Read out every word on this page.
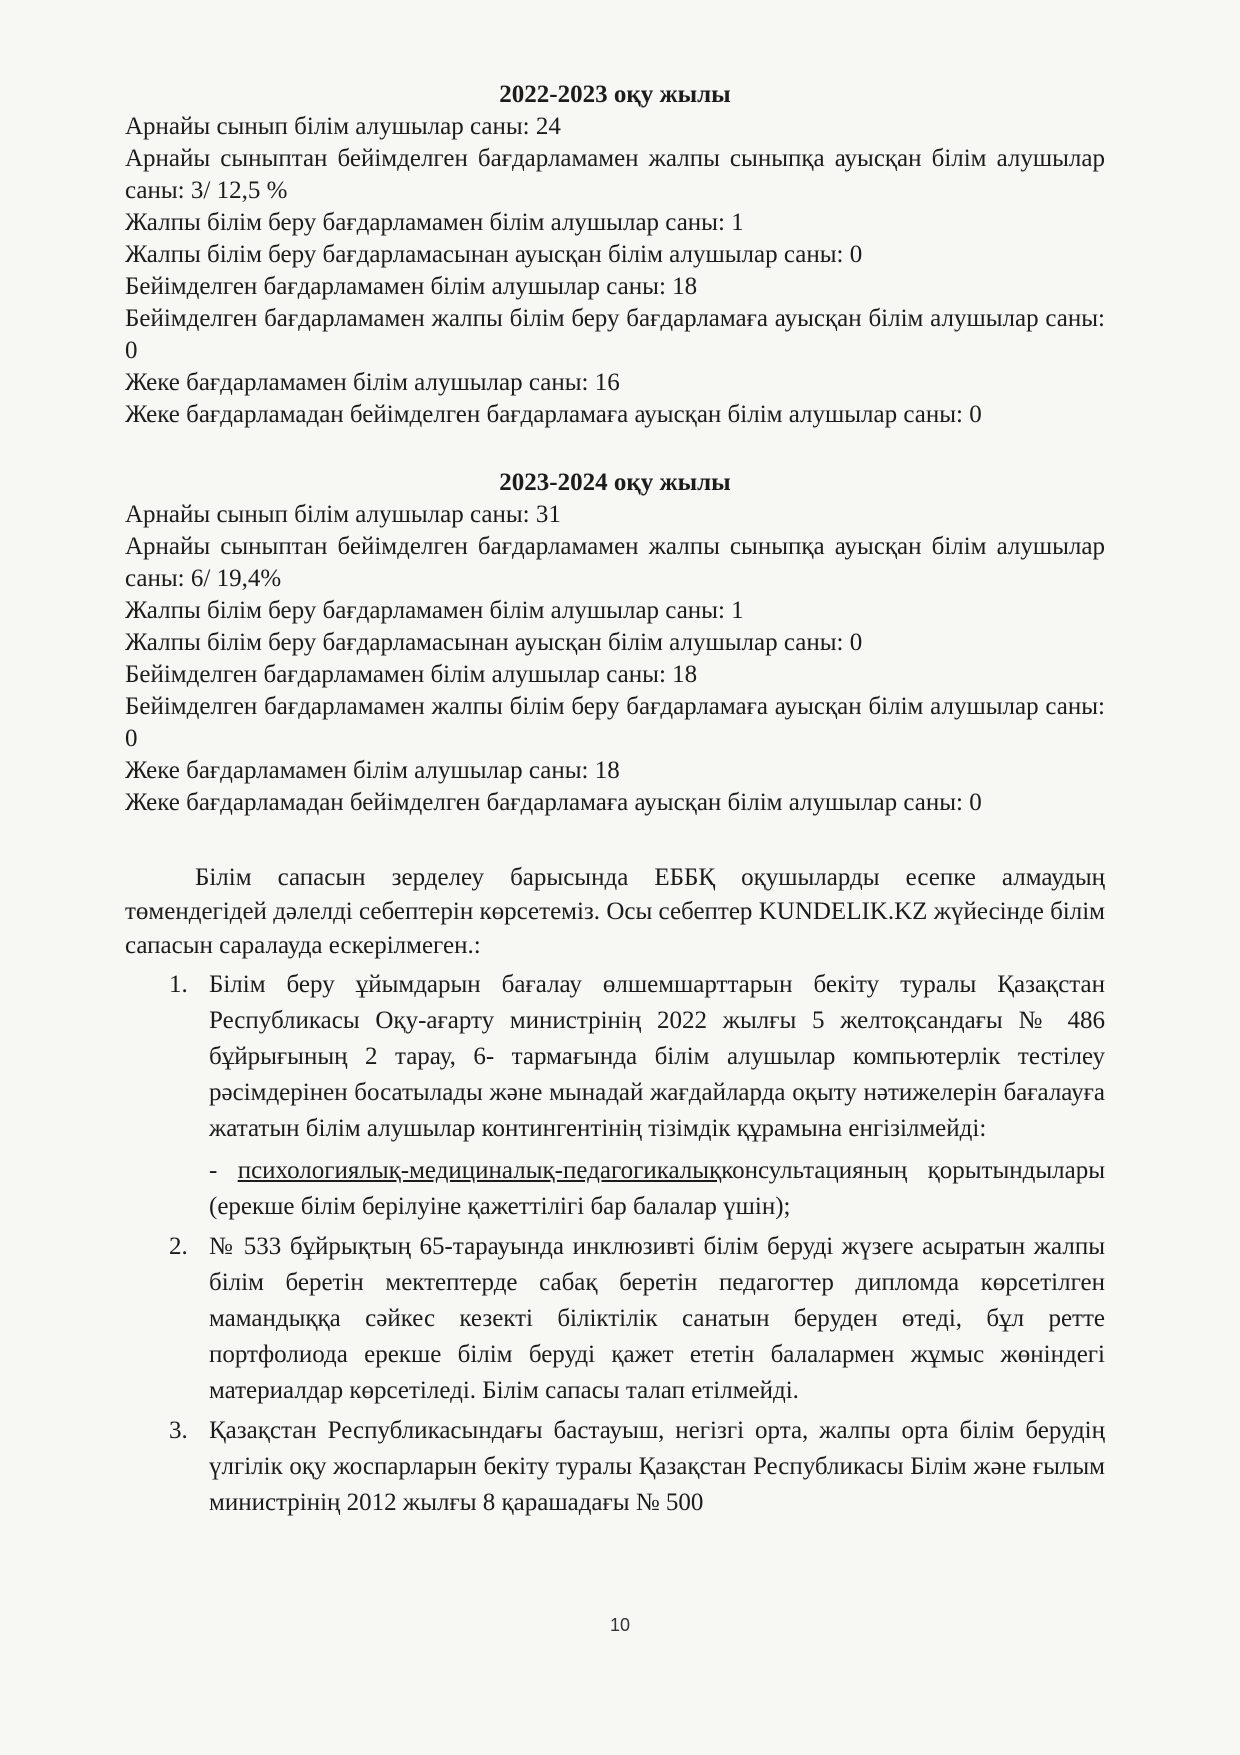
2022-2023 оқу жылы

Арнайы сынып білім алушылар саны: 24

Арнайы сыныптан бейімделген бағдарламамен жалпы сыныпқа ауысқан білім алушылар саны: 3/ 12,5 %

Жалпы білім беру бағдарламамен білім алушылар саны: 1

Жалпы білім беру бағдарламасынан ауысқан білім алушылар саны: 0

Бейімделген бағдарламамен білім алушылар саны: 18

Бейімделген бағдарламамен жалпы білім беру бағдарламаға ауысқан білім алушылар саны: 0

Жеке бағдарламамен білім алушылар саны: 16

Жеке бағдарламадан бейімделген бағдарламаға ауысқан білім алушылар саны: 0

2023-2024 оқу жылы

Арнайы сынып білім алушылар саны: 31

Арнайы сыныптан бейімделген бағдарламамен жалпы сыныпқа ауысқан білім алушылар саны: 6/ 19,4%

Жалпы білім беру бағдарламамен білім алушылар саны: 1

Жалпы білім беру бағдарламасынан ауысқан білім алушылар саны: 0

Бейімделген бағдарламамен білім алушылар саны: 18

Бейімделген бағдарламамен жалпы білім беру бағдарламаға ауысқан білім алушылар саны: 0

Жеке бағдарламамен білім алушылар саны: 18

Жеке бағдарламадан бейімделген бағдарламаға ауысқан білім алушылар саны: 0

Білім сапасын зерделеу барысында ЕББҚ оқушыларды есепке алмаудың төмендегідей дәлелді себептерін көрсетеміз. Осы себептер KUNDELIK.KZ жүйесінде білім сапасын саралауда ескерілмеген.:

1. Білім беру ұйымдарын бағалау өлшемшарттарын бекіту туралы Қазақстан Республикасы Оқу-ағарту министрінің 2022 жылғы 5 желтоқсандағы № 486 бұйрығының 2 тарау, 6- тармағында білім алушылар компьютерлік тестілеу рәсімдерінен босатылады және мынадай жағдайларда оқыту нәтижелерін бағалауға жататын білім алушылар контингентінің тізімдік құрамына енгізілмейді:
- психологиялық-медициналық-педагогикалықконсультацияның қорытындылары (ерекше білім берілуіне қажеттілігі бар балалар үшін);
2. № 533 бұйрықтың 65-тарауында инклюзивті білім беруді жүзеге асыратын жалпы білім беретін мектептерде сабақ беретін педагогтер дипломда көрсетілген мамандыққа сәйкес кезекті біліктілік санатын беруден өтеді, бұл ретте портфолиода ерекше білім беруді қажет ететін балалармен жұмыс жөніндегі материалдар көрсетіледі. Білім сапасы талап етілмейді.
3. Қазақстан Республикасындағы бастауыш, негізгі орта, жалпы орта білім берудің үлгілік оқу жоспарларын бекіту туралы Қазақстан Республикасы Білім және ғылым министрінің 2012 жылғы 8 қарашадағы № 500
10
